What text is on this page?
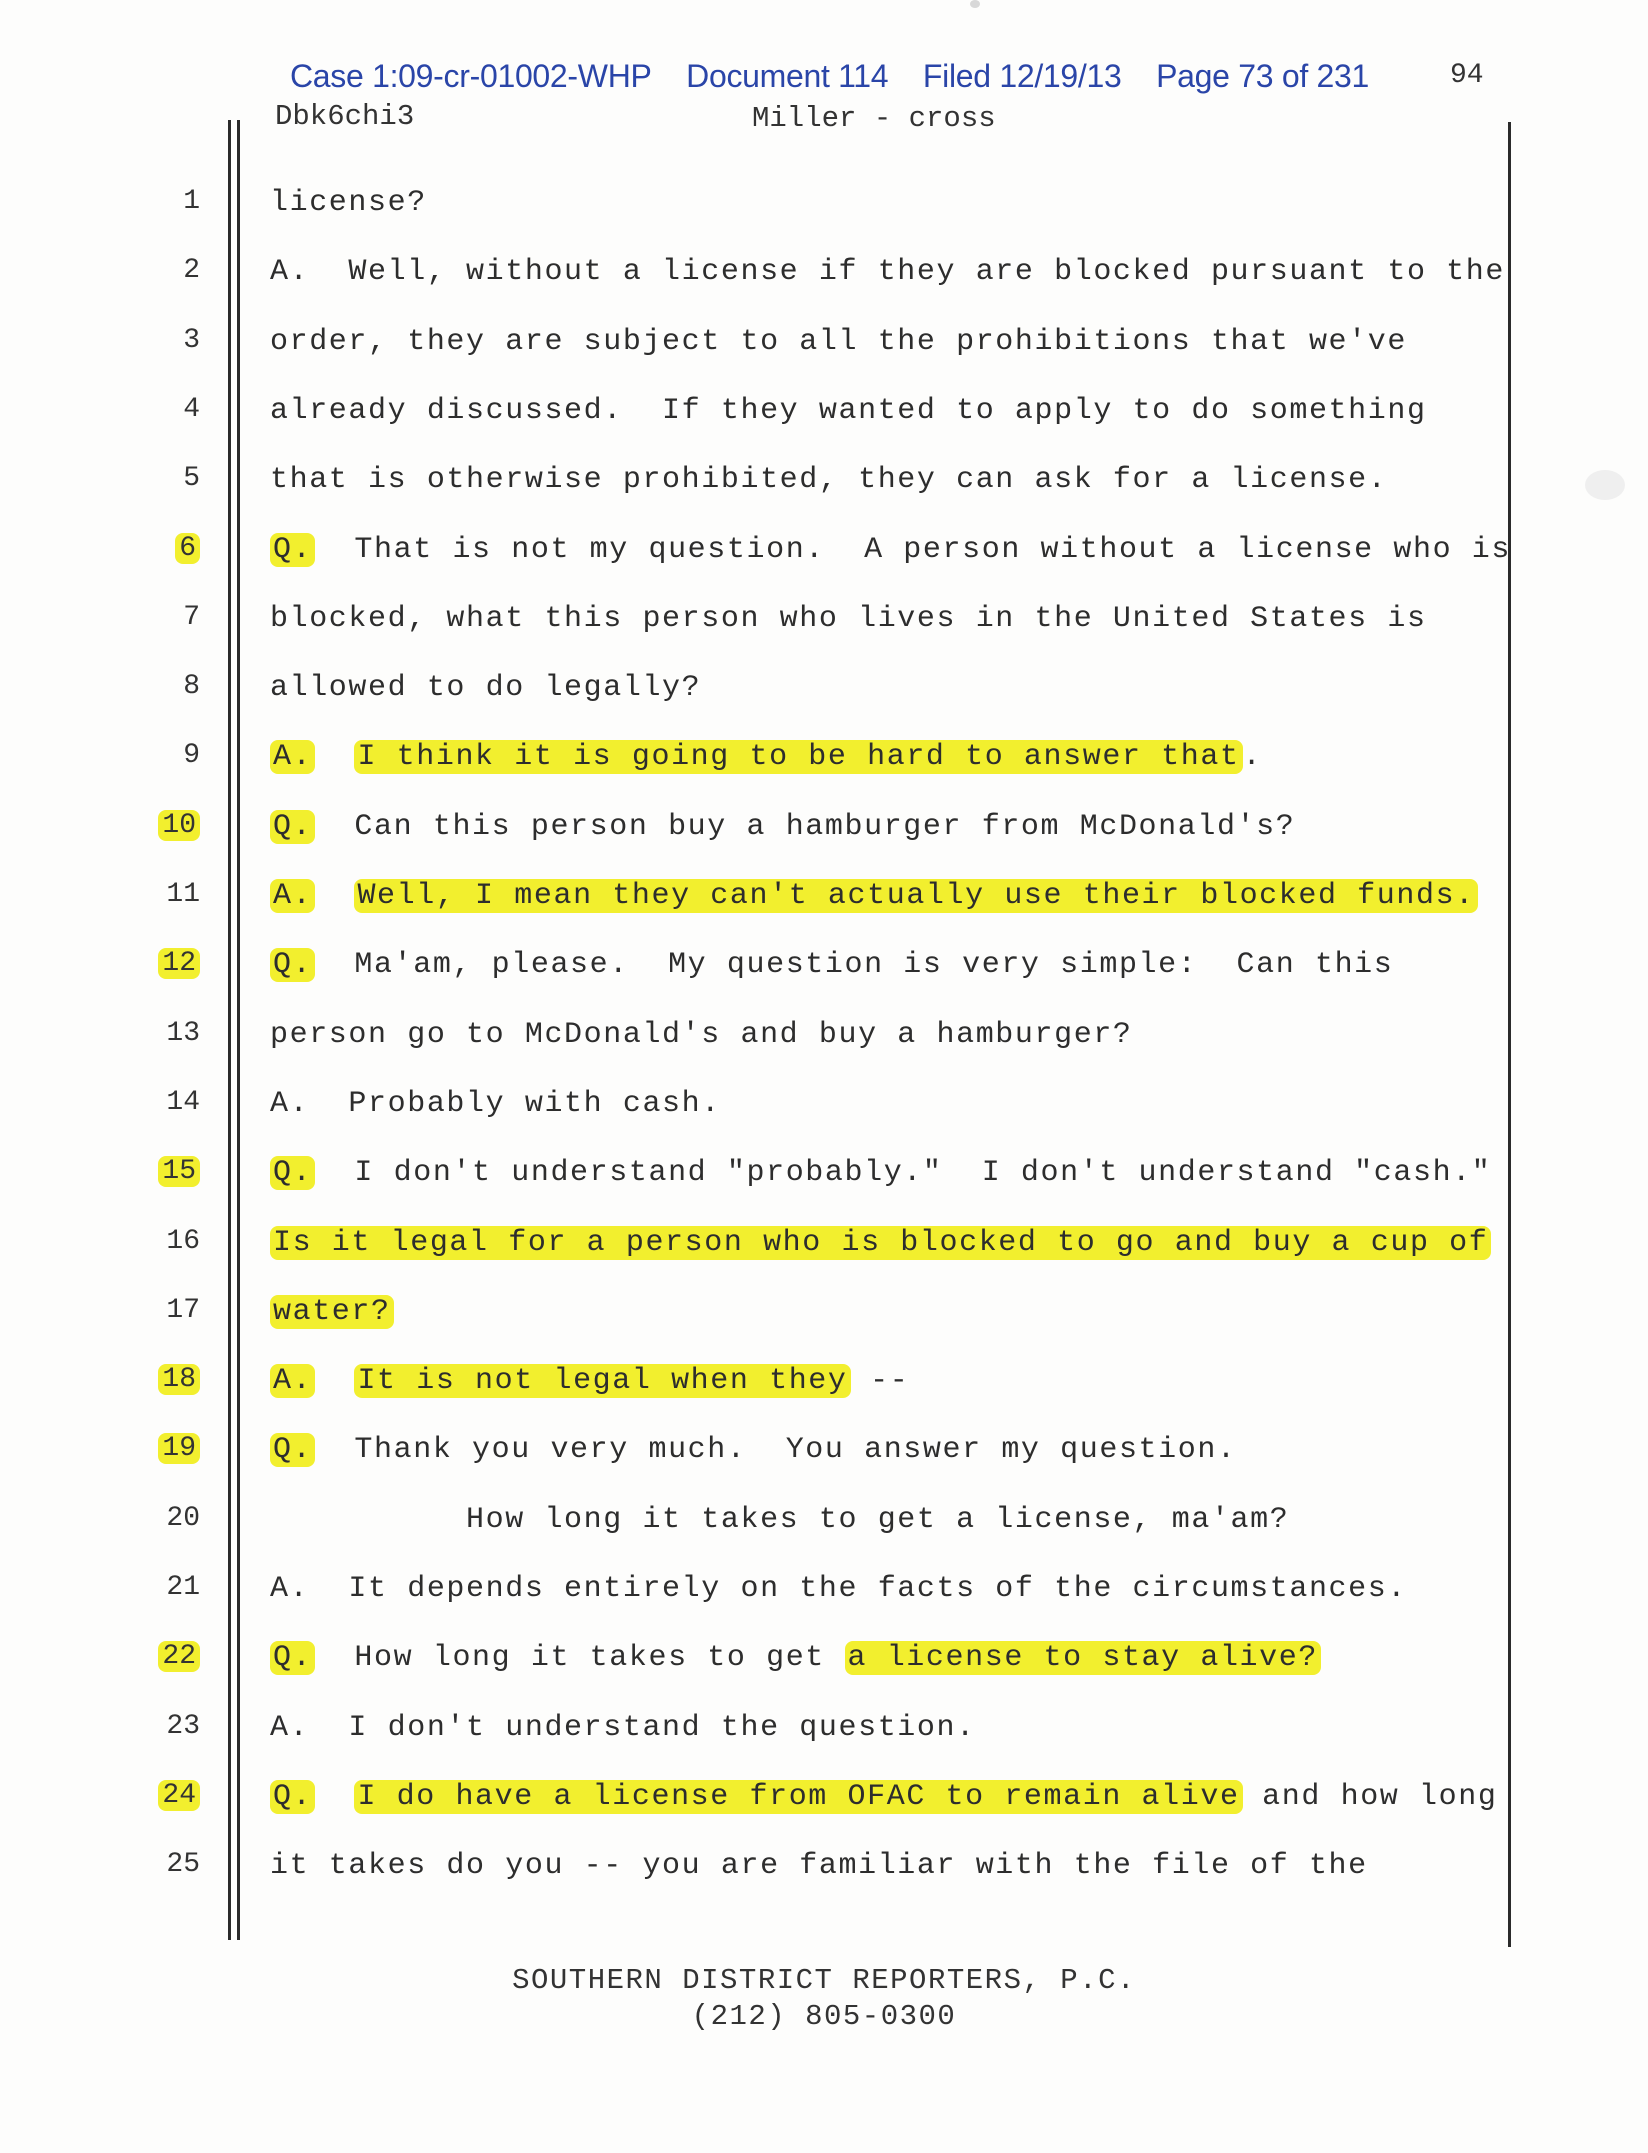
Case 1:09-cr-01002-WHP Document 114 Filed 12/19/13 Page 73 of 231	94
Dbk6chi3	Miller - cross
1 license?
2 A.  Well, without a license if they are blocked pursuant to the
3 order, they are subject to all the prohibitions that we've
4 already discussed.  If they wanted to apply to do something
5 that is otherwise prohibited, they can ask for a license.
6	Q.  That is not my question.  A person without a license who is
7 blocked, what this person who lives in the United States is
8 allowed to do legally?
9 A. I think it is going to be hard to answer that .
10	Q.  Can this person buy a hamburger from McDonald's?
11 A. Well, I mean they can't actually use their blocked funds.
12	Q.  Ma'am, please.  My question is very simple:  Can this
13 person go to McDonald's and buy a hamburger?
14 A.  Probably with cash.
15	Q.  I don't understand "probably."  I don't understand "cash."
16 Is it legal for a person who is blocked to go and buy a cup of
17 water?
18	A. It is not legal when they --
19	Q.  Thank you very much.  You answer my question.
20 How long it takes to get a license, ma'am?
21 A.  It depends entirely on the facts of the circumstances.
22	Q.  How long it takes to get a license to stay alive?
23 A.  I don't understand the question.
24	Q. I do have a license from OFAC to remain alive and how long
25 it takes do you -- you are familiar with the file of the
SOUTHERN DISTRICT REPORTERS, P.C.
(212) 805-0300
